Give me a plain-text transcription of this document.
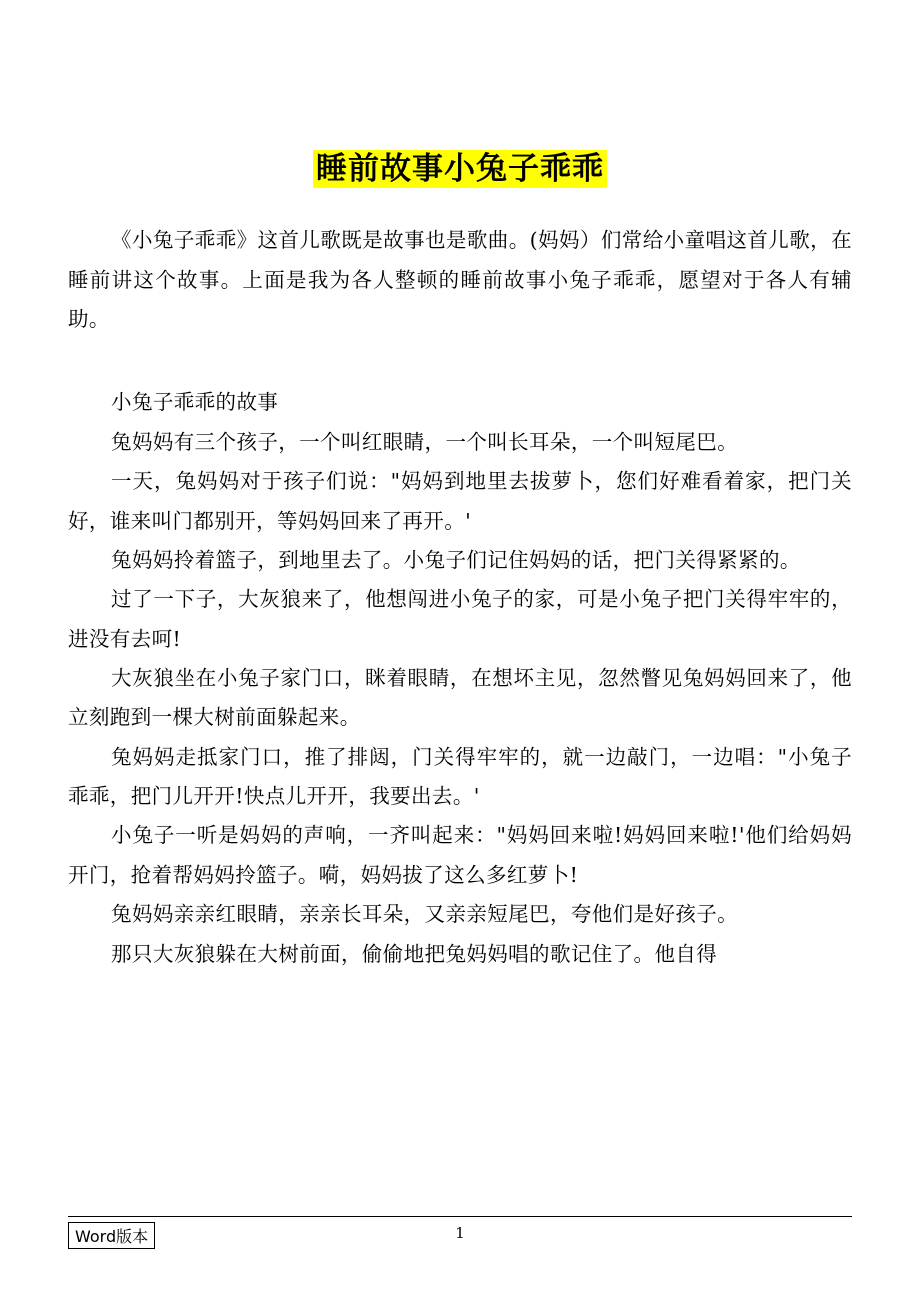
睡前故事小兔子乖乖

《小兔子乖乖》这首儿歌既是故事也是歌曲。(妈妈）们常给小童唱这首儿歌，在睡前讲这个故事。上面是我为各人整顿的睡前故事小兔子乖乖，愿望对于各人有辅助。

小兔子乖乖的故事

兔妈妈有三个孩子，一个叫红眼睛，一个叫长耳朵，一个叫短尾巴。

一天，兔妈妈对于孩子们说："妈妈到地里去拔萝卜，您们好难看着家，把门关好，谁来叫门都别开，等妈妈回来了再开。'

兔妈妈拎着篮子，到地里去了。小兔子们记住妈妈的话，把门关得紧紧的。

过了一下子，大灰狼来了，他想闯进小兔子的家，可是小兔子把门关得牢牢的，进没有去呵!

大灰狼坐在小兔子家门口，眯着眼睛，在想坏主见，忽然瞥见兔妈妈回来了，他立刻跑到一棵大树前面躲起来。

兔妈妈走抵家门口，推了排闼，门关得牢牢的，就一边敲门，一边唱："小兔子乖乖，把门儿开开!快点儿开开，我要出去。'

小兔子一听是妈妈的声响，一齐叫起来："妈妈回来啦!妈妈回来啦!'他们给妈妈开门，抢着帮妈妈拎篮子。嗬，妈妈拔了这么多红萝卜!

兔妈妈亲亲红眼睛，亲亲长耳朵，又亲亲短尾巴，夸他们是好孩子。

那只大灰狼躲在大树前面，偷偷地把兔妈妈唱的歌记住了。他自得

Word版本	1
